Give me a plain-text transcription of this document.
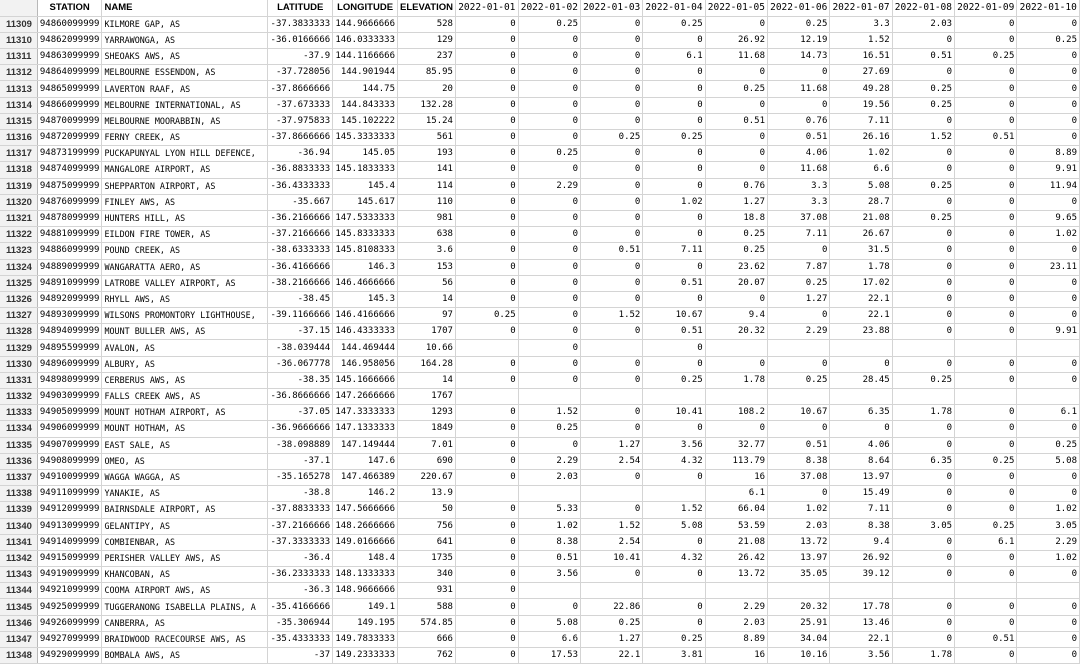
	STATION	NAME	LATITUDE	LONGITUDE	ELEVATION	2022-01-01	2022-01-02	2022-01-03	2022-01-04	2022-01-05	2022-01-06	2022-01-07	2022-01-08	2022-01-09	2022-01-10
11309	94860099999	KILMORE GAP, AS	-37.3833333	144.9666666	528	0	0.25	0	0.25	0	0.25	3.3	2.03	0	0
11310	94862099999	YARRAWONGA, AS	-36.0166666	146.0333333	129	0	0	0	0	26.92	12.19	1.52	0	0	0.25
11311	94863099999	SHEOAKS AWS, AS	-37.9	144.1166666	237	0	0	0	6.1	11.68	14.73	16.51	0.51	0.25	0
11312	94864099999	MELBOURNE ESSENDON, AS	-37.728056	144.901944	85.95	0	0	0	0	0	0	27.69	0	0	0
11313	94865099999	LAVERTON RAAF, AS	-37.8666666	144.75	20	0	0	0	0	0.25	11.68	49.28	0.25	0	0
11314	94866099999	MELBOURNE INTERNATIONAL, AS	-37.673333	144.843333	132.28	0	0	0	0	0	0	19.56	0.25	0	0
11315	94870099999	MELBOURNE MOORABBIN, AS	-37.975833	145.102222	15.24	0	0	0	0	0.51	0.76	7.11	0	0	0
11316	94872099999	FERNY CREEK, AS	-37.8666666	145.3333333	561	0	0	0.25	0.25	0	0.51	26.16	1.52	0.51	0
11317	94873199999	PUCKAPUNYAL LYON HILL DEFENCE,	-36.94	145.05	193	0	0.25	0	0	0	4.06	1.02	0	0	8.89
11318	94874099999	MANGALORE AIRPORT, AS	-36.8833333	145.1833333	141	0	0	0	0	0	11.68	6.6	0	0	9.91
11319	94875099999	SHEPPARTON AIRPORT, AS	-36.4333333	145.4	114	0	2.29	0	0	0.76	3.3	5.08	0.25	0	11.94
11320	94876099999	FINLEY AWS, AS	-35.667	145.617	110	0	0	0	1.02	1.27	3.3	28.7	0	0	0
11321	94878099999	HUNTERS HILL, AS	-36.2166666	147.5333333	981	0	0	0	0	18.8	37.08	21.08	0.25	0	9.65
11322	94881099999	EILDON FIRE TOWER, AS	-37.2166666	145.8333333	638	0	0	0	0	0.25	7.11	26.67	0	0	1.02
11323	94886099999	POUND CREEK, AS	-38.6333333	145.8108333	3.6	0	0	0.51	7.11	0.25	0	31.5	0	0	0
11324	94889099999	WANGARATTA AERO, AS	-36.4166666	146.3	153	0	0	0	0	23.62	7.87	1.78	0	0	23.11
11325	94891099999	LATROBE VALLEY AIRPORT, AS	-38.2166666	146.4666666	56	0	0	0	0.51	20.07	0.25	17.02	0	0	0
11326	94892099999	RHYLL AWS, AS	-38.45	145.3	14	0	0	0	0	0	1.27	22.1	0	0	0
11327	94893099999	WILSONS PROMONTORY LIGHTHOUSE,	-39.1166666	146.4166666	97	0.25	0	1.52	10.67	9.4	0	22.1	0	0	0
11328	94894099999	MOUNT BULLER AWS, AS	-37.15	146.4333333	1707	0	0	0	0.51	20.32	2.29	23.88	0	0	9.91
11329	94895599999	AVALON, AS	-38.039444	144.469444	10.66		0		0						
11330	94896099999	ALBURY, AS	-36.067778	146.958056	164.28	0	0	0	0	0	0	0	0	0	0
11331	94898099999	CERBERUS AWS, AS	-38.35	145.1666666	14	0	0	0	0.25	1.78	0.25	28.45	0.25	0	0
11332	94903099999	FALLS CREEK AWS, AS	-36.8666666	147.2666666	1767										
11333	94905099999	MOUNT HOTHAM AIRPORT, AS	-37.05	147.3333333	1293	0	1.52	0	10.41	108.2	10.67	6.35	1.78	0	6.1
11334	94906099999	MOUNT HOTHAM, AS	-36.9666666	147.1333333	1849	0	0.25	0	0	0	0	0	0	0	0
11335	94907099999	EAST SALE, AS	-38.098889	147.149444	7.01	0	0	1.27	3.56	32.77	0.51	4.06	0	0	0.25
11336	94908099999	OMEO, AS	-37.1	147.6	690	0	2.29	2.54	4.32	113.79	8.38	8.64	6.35	0.25	5.08
11337	94910099999	WAGGA WAGGA, AS	-35.165278	147.466389	220.67	0	2.03	0	0	16	37.08	13.97	0	0	0
11338	94911099999	YANAKIE, AS	-38.8	146.2	13.9					6.1	0	15.49	0	0	0
11339	94912099999	BAIRNSDALE AIRPORT, AS	-37.8833333	147.5666666	50	0	5.33	0	1.52	66.04	1.02	7.11	0	0	1.02
11340	94913099999	GELANTIPY, AS	-37.2166666	148.2666666	756	0	1.02	1.52	5.08	53.59	2.03	8.38	3.05	0.25	3.05
11341	94914099999	COMBIENBAR, AS	-37.3333333	149.0166666	641	0	8.38	2.54	0	21.08	13.72	9.4	0	6.1	2.29
11342	94915099999	PERISHER VALLEY AWS, AS	-36.4	148.4	1735	0	0.51	10.41	4.32	26.42	13.97	26.92	0	0	1.02
11343	94919099999	KHANCOBAN, AS	-36.2333333	148.1333333	340	0	3.56	0	0	13.72	35.05	39.12	0	0	0
11344	94921099999	COOMA AIRPORT AWS, AS	-36.3	148.9666666	931	0									
11345	94925099999	TUGGERANONG ISABELLA PLAINS, A	-35.4166666	149.1	588	0	0	22.86	0	2.29	20.32	17.78	0	0	0
11346	94926099999	CANBERRA, AS	-35.306944	149.195	574.85	0	5.08	0.25	0	2.03	25.91	13.46	0	0	0
11347	94927099999	BRAIDWOOD RACECOURSE AWS, AS	-35.4333333	149.7833333	666	0	6.6	1.27	0.25	8.89	34.04	22.1	0	0.51	0
11348	94929099999	BOMBALA AWS, AS	-37	149.2333333	762	0	17.53	22.1	3.81	16	10.16	3.56	1.78	0	0
